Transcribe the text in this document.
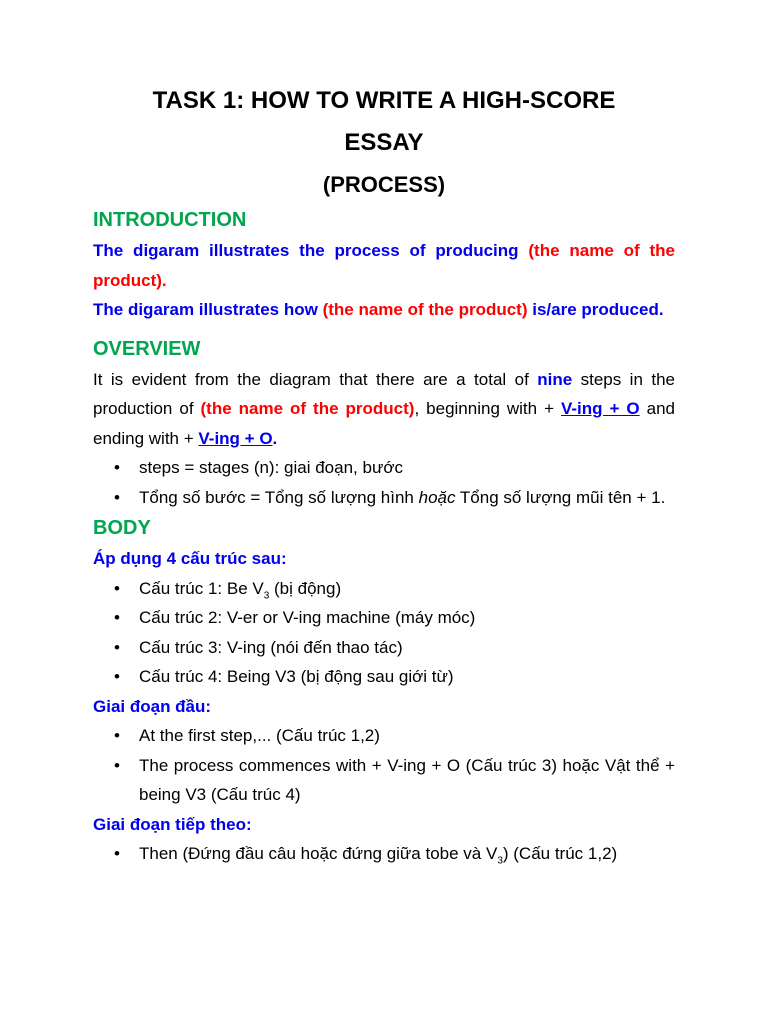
TASK 1: HOW TO WRITE A HIGH-SCORE
ESSAY
(PROCESS)
INTRODUCTION

The digaram illustrates the process of producing (the name of the product).

The digaram illustrates how (the name of the product) is/are produced.

OVERVIEW

It is evident from the diagram that there are a total of nine steps in the production of (the name of the product), beginning with + V-ing + O and ending with + V-ing + O.

• steps = stages (n): giai đoạn, bước
• Tổng số bước = Tổng số lượng hình hoặc Tổng số lượng mũi tên + 1.
BODY
Áp dụng 4 cấu trúc sau:
• Cấu trúc 1: Be $V_3$ (bị động)
• Cấu trúc 2: V-er or V-ing machine (máy móc)
• Cấu trúc 3: V-ing (nói đến thao tác)
• Cấu trúc 4: Being V3 (bị động sau giới từ)
Giai đoạn đầu:
• At the first step,... (Cấu trúc 1,2)
• The process commences with + V-ing + O (Cấu trúc 3) hoặc Vật thể + being V3 (Cấu trúc 4)
Giai đoạn tiếp theo:
• Then (Đứng đầu câu hoặc đứng giữa tobe và $V_3$) (Cấu trúc 1,2)
